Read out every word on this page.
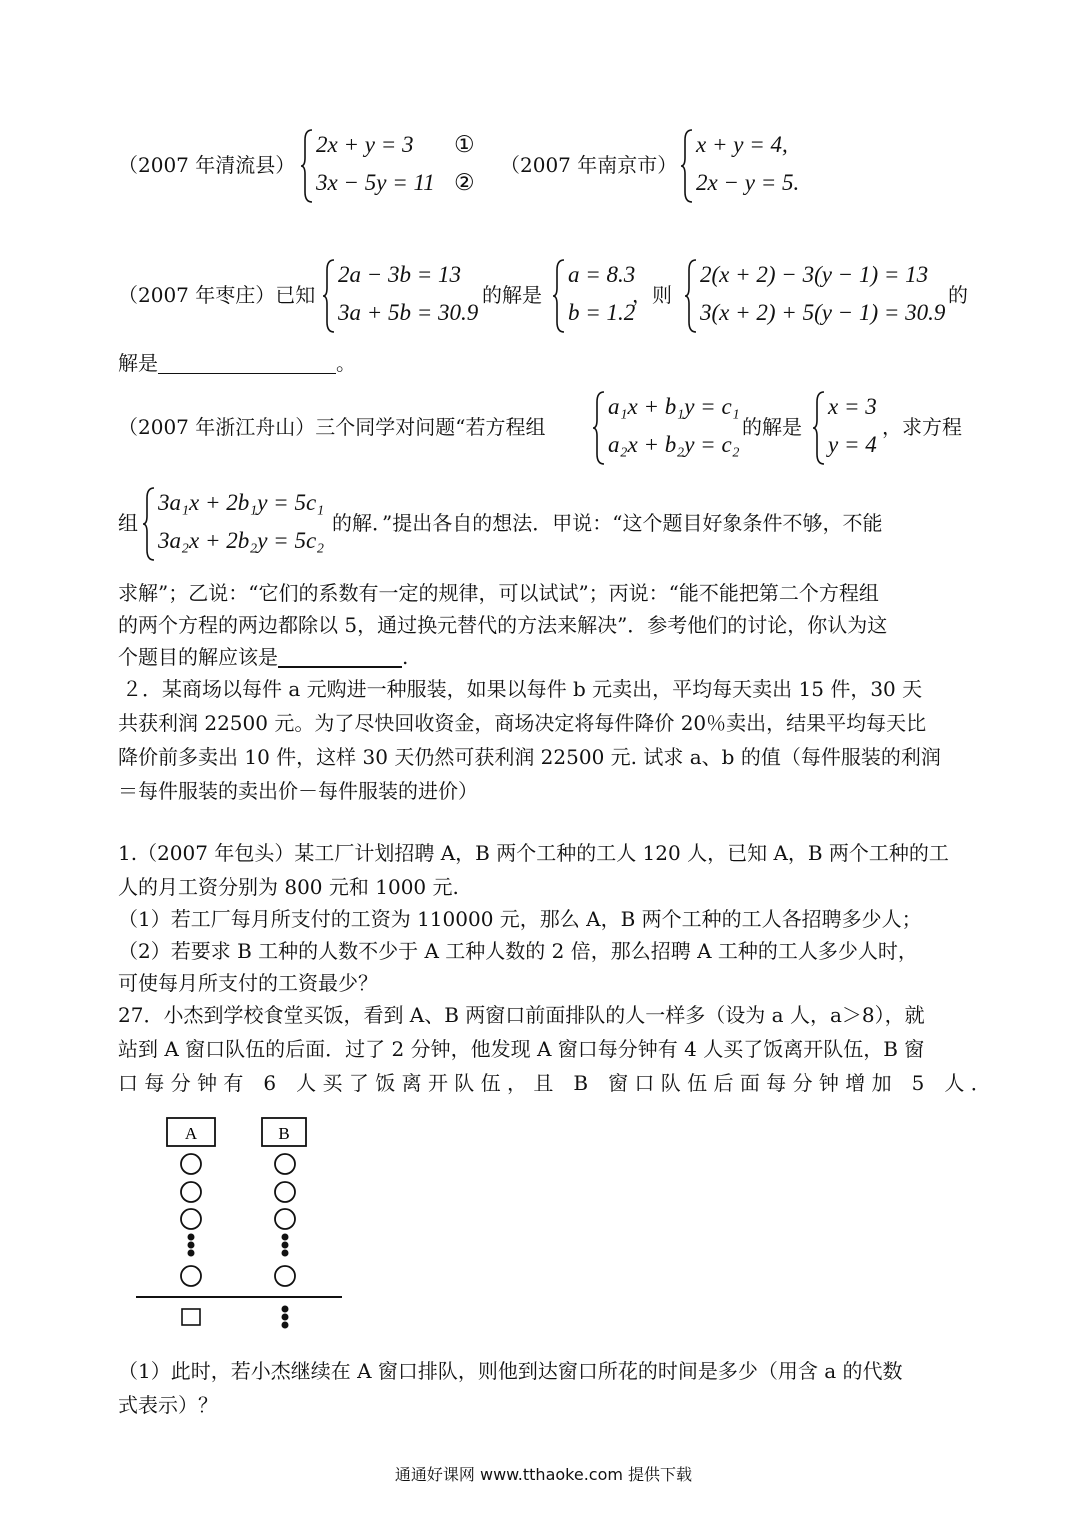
（2007 年清流县）
2x + y = 3 ①
3x − 5y = 11 ②
（2007 年南京市）
x + y = 4,
2x − y = 5.
（2007 年枣庄）已知
2a − 3b = 13
3a + 5b = 30.9
的解是
a = 8.3
b = 1.2
，则
2(x + 2) − 3(y − 1) = 13
3(x + 2) + 5(y − 1) = 30.9
的
解是	。
（2007 年浙江舟山）三个同学对问题“若方程组
a₁x + b₁y = c₁
a₂x + b₂y = c₂
的解是
x = 3
y = 4
，求方程
组
3a₁x + 2b₁y = 5c₁
3a₂x + 2b₂y = 5c₂
的解．”提出各自的想法．甲说：“这个题目好象条件不够，不能
求解”；乙说：“它们的系数有一定的规律，可以试试”；丙说：“能不能把第二个方程组
的两个方程的两边都除以 5，通过换元替代的方法来解决”．参考他们的讨论，你认为这
个题目的解应该是	.
２．某商场以每件 a 元购进一种服装，如果以每件 b 元卖出，平均每天卖出 15 件，30 天
共获利润 22500 元。为了尽快回收资金，商场决定将每件降价 20％卖出，结果平均每天比
降价前多卖出 10 件，这样 30 天仍然可获利润 22500 元. 试求 a、b 的值（每件服装的利润
＝每件服装的卖出价－每件服装的进价）
1.（2007 年包头）某工厂计划招聘 A，B 两个工种的工人 120 人，已知 A，B 两个工种的工
人的月工资分别为 800 元和 1000 元.
（1）若工厂每月所支付的工资为 110000 元，那么 A，B 两个工种的工人各招聘多少人；
（2）若要求 B 工种的人数不少于 A 工种人数的 2 倍，那么招聘 A 工种的工人多少人时，
可使每月所支付的工资最少？
27．小杰到学校食堂买饭，看到 A、B 两窗口前面排队的人一样多（设为 a 人，a＞8），就
站到 A 窗口队伍的后面．过了 2 分钟，他发现 A 窗口每分钟有 4 人买了饭离开队伍，B 窗
口 每 分 钟 有　6　人 买 了 饭 离 开 队 伍 ， 且　B　窗 口 队 伍 后 面 每 分 钟 增 加　5　人 ．
A	B
（1）此时，若小杰继续在 A 窗口排队，则他到达窗口所花的时间是多少（用含 a 的代数
式表示）？
通通好课网 www.tthaoke.com 提供下载
